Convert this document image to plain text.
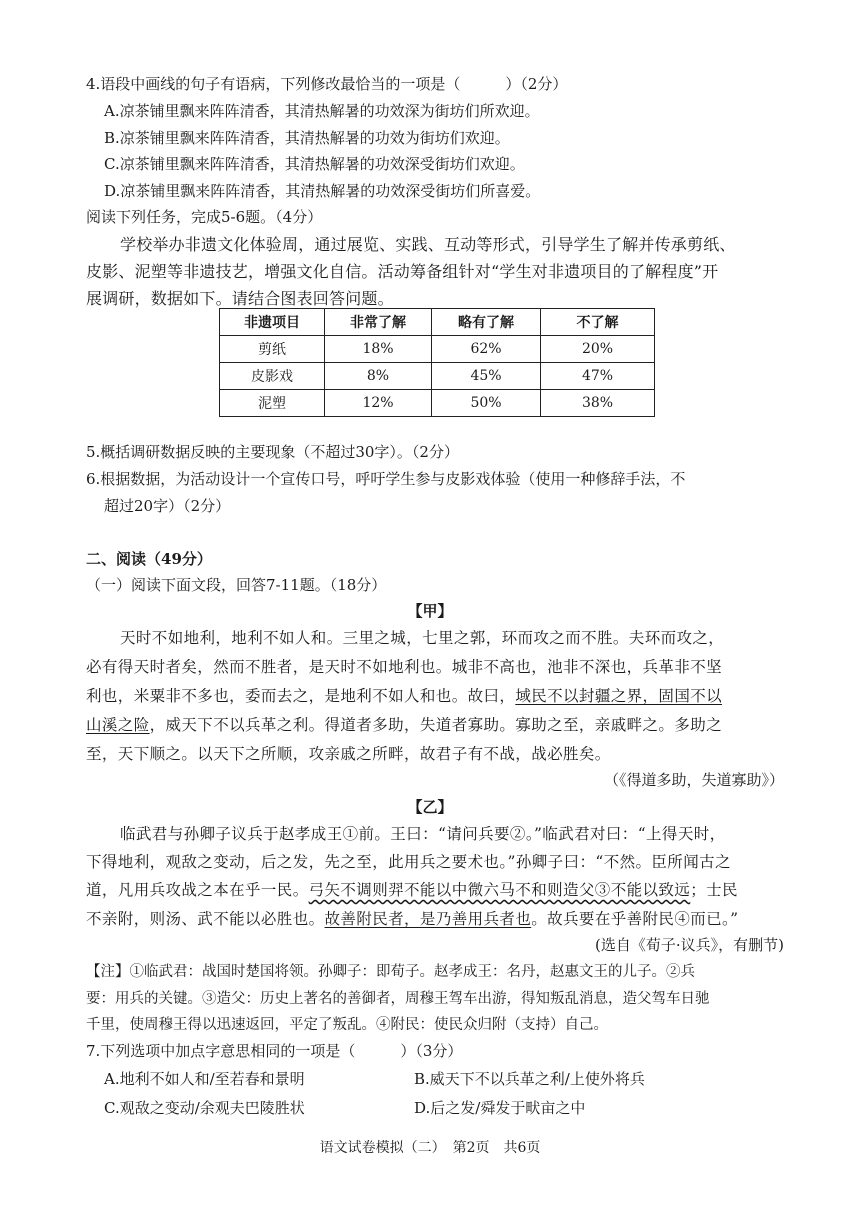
4.语段中画线的句子有语病，下列修改最恰当的一项是（　　　）（2分）
A.凉茶铺里飘来阵阵清香，其清热解暑的功效深为街坊们所欢迎。
B.凉茶铺里飘来阵阵清香，其清热解暑的功效为街坊们欢迎。
C.凉茶铺里飘来阵阵清香，其清热解暑的功效深受街坊们欢迎。
D.凉茶铺里飘来阵阵清香，其清热解暑的功效深受街坊们所喜爱。
阅读下列任务，完成5-6题。（4分）
学校举办非遗文化体验周，通过展览、实践、互动等形式，引导学生了解并传承剪纸、
皮影、泥塑等非遗技艺，增强文化自信。活动筹备组针对“学生对非遗项目的了解程度”开
展调研，数据如下。请结合图表回答问题。
非遗项目	非常了解	略有了解	不了解
剪纸	18%	62%	20%
皮影戏	8%	45%	47%
泥塑	12%	50%	38%
5.概括调研数据反映的主要现象（不超过30字）。（2分）
6.根据数据，为活动设计一个宣传口号，呼吁学生参与皮影戏体验（使用一种修辞手法，不
超过20字）（2分）
二、阅读（49分）
（一）阅读下面文段，回答7-11题。（18分）
【甲】
天时不如地利，地利不如人和。三里之城，七里之郭，环而攻之而不胜。夫环而攻之，
必有得天时者矣，然而不胜者，是天时不如地利也。城非不高也，池非不深也，兵革非不坚
利也，米粟非不多也，委而去之，是地利不如人和也。故曰，域民不以封疆之界，固国不以
山溪之险，威天下不以兵革之利。得道者多助，失道者寡助。寡助之至，亲戚畔之。多助之
至，天下顺之。以天下之所顺，攻亲戚之所畔，故君子有不战，战必胜矣。
（《得道多助，失道寡助》）
【乙】
临武君与孙卿子议兵于赵孝成王①前。王曰：“请问兵要②。”临武君对曰：“上得天时，
下得地利，观敌之变动，后之发，先之至，此用兵之要术也。”孙卿子曰：“不然。臣所闻古之
道，凡用兵攻战之本在乎一民。弓矢不调则羿不能以中微六马不和则造父③不能以致远；士民
不亲附，则汤、武不能以必胜也。故善附民者，是乃善用兵者也。故兵要在乎善附民④而已。”
(选自《荀子·议兵》，有删节)
【注】①临武君：战国时楚国将领。孙卿子：即荀子。赵孝成王：名丹，赵惠文王的儿子。②兵
要：用兵的关键。③造父：历史上著名的善御者，周穆王驾车出游，得知叛乱消息，造父驾车日驰
千里，使周穆王得以迅速返回，平定了叛乱。④附民：使民众归附（支持）自己。
7.下列选项中加点字意思相同的一项是（　　　）（3分）
A.地利不如人和/至若春和景明	B.威天下不以兵革之利/上使外将兵
C.观敌之变动/余观夫巴陵胜状	D.后之发/舜发于畎亩之中
语文试卷模拟（二）　第2页　共6页
